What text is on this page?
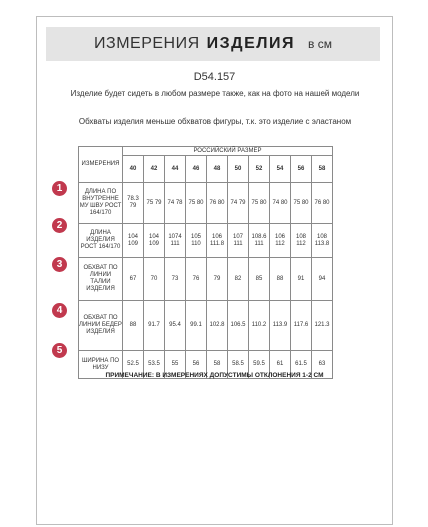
ИЗМЕРЕНИЯ ИЗДЕЛИЯ в см
D54.157
Изделие будет сидеть в любом размере также, как на фото на нашей модели
Обхваты изделия меньше обхватов фигуры, т.к. это изделие с эластаном
ИЗМЕРЕНИЯ	РОССИЙСКИЙ РАЗМЕР									
	40	42	44	46	48	50	52	54	56	58
ДЛИНА ПО ВНУТРЕННЕ МУ ШВУ РОСТ 164/170	78.3 79	75 79	74 78	75 80	76 80	74 79	75 80	74 80	75 80	76 80
ДЛИНА ИЗДЕЛИЯ РОСТ 164/170	104 109	104 109	1074 111	105 110	106 111.8	107 111	108.6 111	106 112	108 112	108 113.8
ОБХВАТ ПО ЛИНИИ ТАЛИИ ИЗДЕЛИЯ	67	70	73	76	79	82	85	88	91	94
ОБХВАТ ПО ЛИНИИ БЕДЕР ИЗДЕЛИЯ	88	91.7	95.4	99.1	102.8	106.5	110.2	113.9	117.6	121.3
ШИРИНА ПО НИЗУ	52.5	53.5	55	56	58	58.5	59.5	61	61.5	63
1
2
3
4
5
ПРИМЕЧАНИЕ: В ИЗМЕРЕНИЯХ ДОПУСТИМЫ ОТКЛОНЕНИЯ 1-2 СМ
